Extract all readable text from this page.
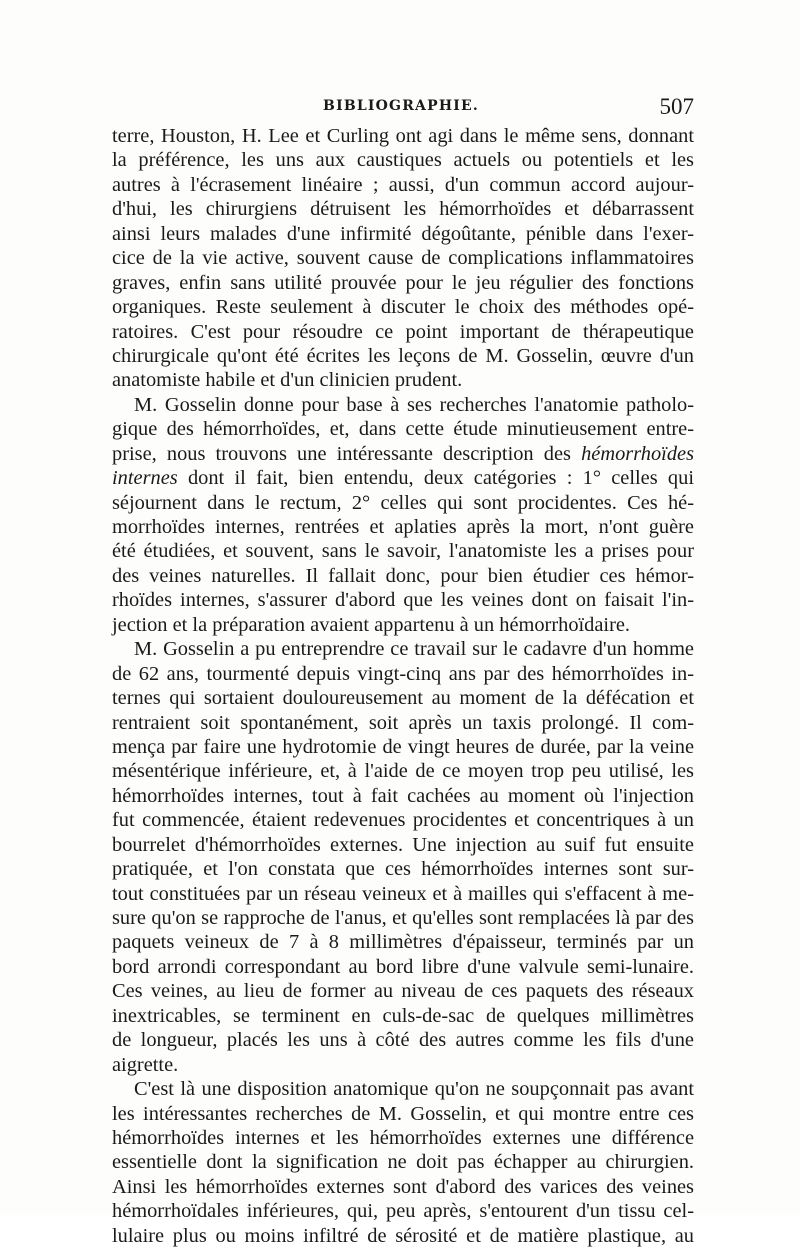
BIBLIOGRAPHIE.	507

terre, Houston, H. Lee et Curling ont agi dans le même sens, donnant
la préférence, les uns aux caustiques actuels ou potentiels et les
autres à l'écrasement linéaire ; aussi, d'un commun accord aujour-
d'hui, les chirurgiens détruisent les hémorrhoïdes et débarrassent
ainsi leurs malades d'une infirmité dégoûtante, pénible dans l'exer-
cice de la vie active, souvent cause de complications inflammatoires
graves, enfin sans utilité prouvée pour le jeu régulier des fonctions
organiques. Reste seulement à discuter le choix des méthodes opé-
ratoires. C'est pour résoudre ce point important de thérapeutique
chirurgicale qu'ont été écrites les leçons de M. Gosselin, œuvre d'un
anatomiste habile et d'un clinicien prudent.

M. Gosselin donne pour base à ses recherches l'anatomie patholo-
gique des hémorrhoïdes, et, dans cette étude minutieusement entre-
prise, nous trouvons une intéressante description des hémorrhoïdes
internes dont il fait, bien entendu, deux catégories : 1° celles qui
séjournent dans le rectum, 2° celles qui sont procidentes. Ces hé-
morrhoïdes internes, rentrées et aplaties après la mort, n'ont guère
été étudiées, et souvent, sans le savoir, l'anatomiste les a prises pour
des veines naturelles. Il fallait donc, pour bien étudier ces hémor-
rhoïdes internes, s'assurer d'abord que les veines dont on faisait l'in-
jection et la préparation avaient appartenu à un hémorrhoïdaire.

M. Gosselin a pu entreprendre ce travail sur le cadavre d'un homme
de 62 ans, tourmenté depuis vingt-cinq ans par des hémorrhoïdes in-
ternes qui sortaient douloureusement au moment de la défécation et
rentraient soit spontanément, soit après un taxis prolongé. Il com-
mença par faire une hydrotomie de vingt heures de durée, par la veine
mésentérique inférieure, et, à l'aide de ce moyen trop peu utilisé, les
hémorrhoïdes internes, tout à fait cachées au moment où l'injection
fut commencée, étaient redevenues procidentes et concentriques à un
bourrelet d'hémorrhoïdes externes. Une injection au suif fut ensuite
pratiquée, et l'on constata que ces hémorrhoïdes internes sont sur-
tout constituées par un réseau veineux et à mailles qui s'effacent à me-
sure qu'on se rapproche de l'anus, et qu'elles sont remplacées là par des
paquets veineux de 7 à 8 millimètres d'épaisseur, terminés par un
bord arrondi correspondant au bord libre d'une valvule semi-lunaire.
Ces veines, au lieu de former au niveau de ces paquets des réseaux
inextricables, se terminent en culs-de-sac de quelques millimètres
de longueur, placés les uns à côté des autres comme les fils d'une
aigrette.

C'est là une disposition anatomique qu'on ne soupçonnait pas avant
les intéressantes recherches de M. Gosselin, et qui montre entre ces
hémorrhoïdes internes et les hémorrhoïdes externes une différence
essentielle dont la signification ne doit pas échapper au chirurgien.
Ainsi les hémorrhoïdes externes sont d'abord des varices des veines
hémorrhoïdales inférieures, qui, peu après, s'entourent d'un tissu cel-
lulaire plus ou moins infiltré de sérosité et de matière plastique, au
